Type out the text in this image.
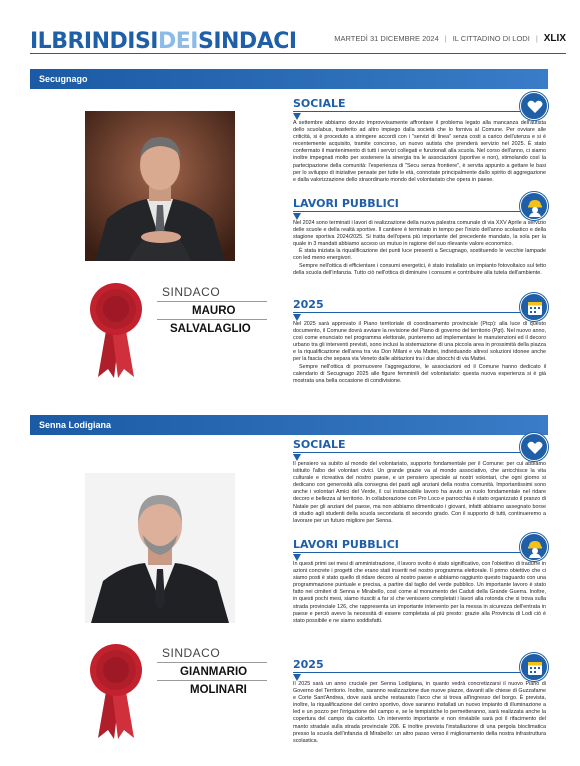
ILBRINDISIDEISINDACI	MARTEDÌ 31 DICEMBRE 2024 | IL CITTADINO DI LODI | XLIX
Secugnago
SINDACO
MAURO
SALVALAGLIO
SOCIALE

A settembre abbiamo dovuto improvvisamente affrontare il problema legato alla mancanza dell'autista dello scuolabus, trasferito ad altro impiego dalla società che lo forniva al Comune. Per ovviare alle criticità, si è proceduto a stringere accordi con i "servizi di linea" senza costi a carico dell'utenza e si è recentemente acquisito, tramite concorso, un nuovo autista che prenderà servizio nel 2025. È stato confermato il mantenimento di tutti i servizi collegati e funzionali alla scuola. Nel corso dell'anno, ci siamo inoltre impegnati molto per sostenere la sinergia tra le associazioni (sportive e non), stimolando così la partecipazione della comunità: l'esperienza di "Secu senza frontiere", è servita appunto a gettare le basi per lo sviluppo di iniziative pensate per tutte le età, connotate principalmente dallo spirito di aggregazione e dalla valorizzazione dello straordinario mondo del volontariato che opera in paese.

LAVORI PUBBLICI

Nel 2024 sono terminati i lavori di realizzazione della nuova palestra comunale di via XXV Aprile a servizio delle scuole e della realtà sportive. Il cantiere è terminato in tempo per l'inizio dell'anno scolastico e della stagione sportiva 2024/2025. Si tratta dell'opera più importante del precedente mandato, la sola per la quale in 3 mandati abbiamo acceso un mutuo in ragione del suo rilevante valore economico.

È stata iniziata la riqualificazione dei punti luce presenti a Secugnago, sostituendo le vecchie lampade con led meno energivori.

Sempre nell'ottica di efficientare i consumi energetici, è stato installato un impianto fotovoltaico sul tetto della scuola dell'infanzia. Tutto ciò nell'ottica di diminuire i consumi e contribuire alla tutela dell'ambiente.

2025

Nel 2025 sarà approvato il Piano territoriale di coordinamento provinciale (Ptcp): alla luce di questo documento, il Comune dovrà avviare la revisione del Piano di governo del territorio (Pgt). Nel nuovo anno, così come enunciato nel programma elettorale, punteremo ad implementare le manutenzioni ed il decoro urbano tra gli interventi previsti, sono inclusi la sistemazione di una piccola area in prossimità della piazza e la riqualificazione dell'area tra via Don Milani e via Mattei, individuando altresì soluzioni idonee anche per la fascia che separa via Veneto dalle abitazioni tra i due sbocchi di via Mattei.

Sempre nell'ottica di promuovere l'aggregazione, le associazioni ed il Comune hanno dedicato il calendario di Secugnago 2025 alle figure femminili del volontariato: questa nuova esperienza si è già mostrata una bella occasione di condivisione.

Senna Lodigiana
SINDACO
GIANMARIO
MOLINARI
SOCIALE

Il pensiero va subito al mondo del volontariato, supporto fondamentale per il Comune: per cui abbiamo istituito l'albo dei volontari civici. Un grande grazie va al mondo associativo, che arricchisce la vita culturale e ricreativa del nostro paese, e un pensiero speciale ai nostri volontari, che ogni giorno si dedicano con generosità alla consegna dei pasti agli anziani della nostra comunità. Importantissimi sono anche i volontari Amici del Verde, il cui instancabile lavoro ha avuto un ruolo fondamentale nel ridare decoro e bellezza al territorio. In collaborazione con Pro Loco e parrocchia è stato organizzato il pranzo di Natale per gli anziani del paese, ma non abbiamo dimenticato i giovani, infatti abbiamo assegnato borse di studio agli studenti della scuola secondaria di secondo grado. Con il supporto di tutti, continueremo a lavorare per un futuro migliore per Senna.

LAVORI PUBBLICI

In questi primi sei mesi di amministrazione, il lavoro svolto è stato significativo, con l'obiettivo di tradurre in azioni concrete i progetti che erano stati inseriti nel nostro programma elettorale. Il primo obiettivo che ci siamo posti è stato quello di ridare decoro al nostro paese e abbiamo raggiunto questo traguardo con una programmazione puntuale e precisa, a partire dal taglio del verde pubblico. Un importante lavoro è stato fatto nei cimiteri di Senna e Mirabello, così come al monumento dei Caduti della Grande Guerra. Inoltre, in questi pochi mesi, siamo riusciti a far sì che venissero completati i lavori alla rotonda che si trova sulla strada provinciale 126, che rappresenta un importante intervento per la messa in sicurezza dell'entrata in paese e perciò avevo la necessità di essere completata al più presto: grazie alla Provincia di Lodi ciò è stato possibile e ne siamo soddisfatti.

2025

Il 2025 sarà un anno cruciale per Senna Lodigiana, in quanto vedrà concretizzarsi il nuovo Piano di Governo del Territorio. Inoltre, saranno realizzazione due nuove piazze, davanti alle chiese di Guzzafame e Corte Sant'Andrea, dove sarà anche restaurato l'arco che si trova all'ingresso del borgo. È prevista, inoltre, la riqualificazione del centro sportivo, dove saranno installati un nuovo impianto di illuminazione a led e un pozzo per l'irrigazione del campo e, se le tempistiche lo permetteranno, sarà realizzata anche la copertura del campo da calcetto. Un intervento importante e non rinviabile sarà poi il rifacimento del manto stradale sulla strada provinciale 206. E inoltre prevista l'installazione di una pergola bioclimatica presso la scuola dell'infanzia di Mirabello: un altro passo verso il miglioramento della nostra infrastruttura scolastica.
